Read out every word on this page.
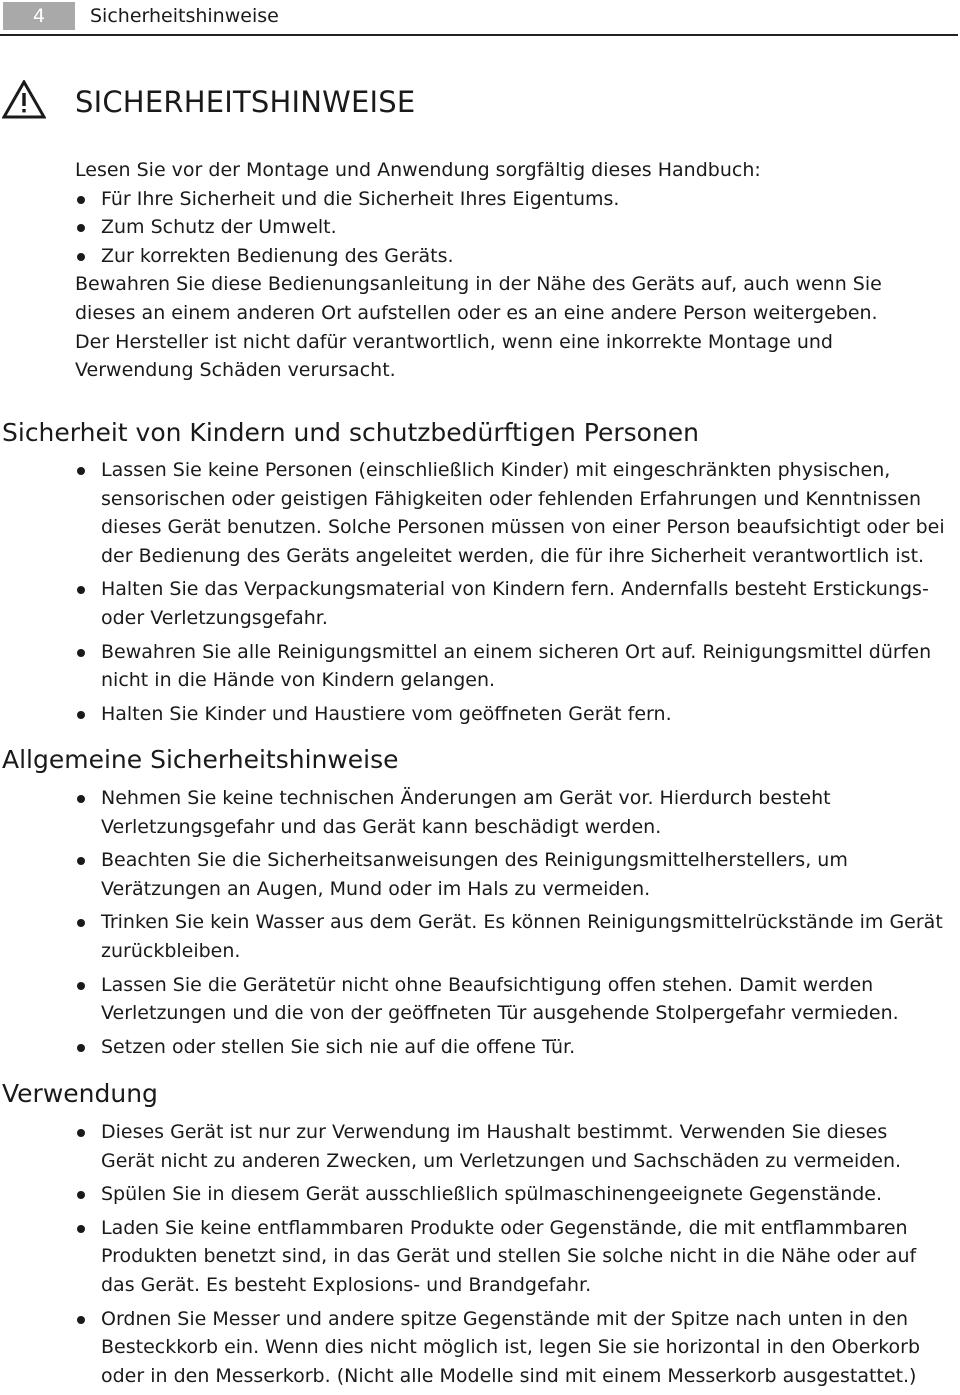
4	Sicherheitshinweise
SICHERHEITSHINWEISE

Lesen Sie vor der Montage und Anwendung sorgfältig dieses Handbuch:

Für Ihre Sicherheit und die Sicherheit Ihres Eigentums.
Zum Schutz der Umwelt.
Zur korrekten Bedienung des Geräts.

Bewahren Sie diese Bedienungsanleitung in der Nähe des Geräts auf, auch wenn Sie dieses an einem anderen Ort aufstellen oder es an eine andere Person weitergeben.

Der Hersteller ist nicht dafür verantwortlich, wenn eine inkorrekte Montage und Verwendung Schäden verursacht.

Sicherheit von Kindern und schutzbedürftigen Personen
Lassen Sie keine Personen (einschließlich Kinder) mit eingeschränkten physischen, sensorischen oder geistigen Fähigkeiten oder fehlenden Erfahrungen und Kenntnissen dieses Gerät benutzen. Solche Personen müssen von einer Person beaufsichtigt oder bei der Bedienung des Geräts angeleitet werden, die für ihre Sicherheit verantwortlich ist.
Halten Sie das Verpackungsmaterial von Kindern fern. Andernfalls besteht Erstickungs- oder Verletzungsgefahr.
Bewahren Sie alle Reinigungsmittel an einem sicheren Ort auf. Reinigungsmittel dürfen nicht in die Hände von Kindern gelangen.
Halten Sie Kinder und Haustiere vom geöffneten Gerät fern.
Allgemeine Sicherheitshinweise
Nehmen Sie keine technischen Änderungen am Gerät vor. Hierdurch besteht Verletzungsgefahr und das Gerät kann beschädigt werden.
Beachten Sie die Sicherheitsanweisungen des Reinigungsmittelherstellers, um Verätzungen an Augen, Mund oder im Hals zu vermeiden.
Trinken Sie kein Wasser aus dem Gerät. Es können Reinigungsmittelrückstände im Gerät zurückbleiben.
Lassen Sie die Gerätetür nicht ohne Beaufsichtigung offen stehen. Damit werden Verletzungen und die von der geöffneten Tür ausgehende Stolpergefahr vermieden.
Setzen oder stellen Sie sich nie auf die offene Tür.
Verwendung
Dieses Gerät ist nur zur Verwendung im Haushalt bestimmt. Verwenden Sie dieses Gerät nicht zu anderen Zwecken, um Verletzungen und Sachschäden zu vermeiden.
Spülen Sie in diesem Gerät ausschließlich spülmaschinengeeignete Gegenstände.
Laden Sie keine entflammbaren Produkte oder Gegenstände, die mit entflammbaren Produkten benetzt sind, in das Gerät und stellen Sie solche nicht in die Nähe oder auf das Gerät. Es besteht Explosions- und Brandgefahr.
Ordnen Sie Messer und andere spitze Gegenstände mit der Spitze nach unten in den Besteckkorb ein. Wenn dies nicht möglich ist, legen Sie sie horizontal in den Oberkorb oder in den Messerkorb. (Nicht alle Modelle sind mit einem Messerkorb ausgestattet.)
